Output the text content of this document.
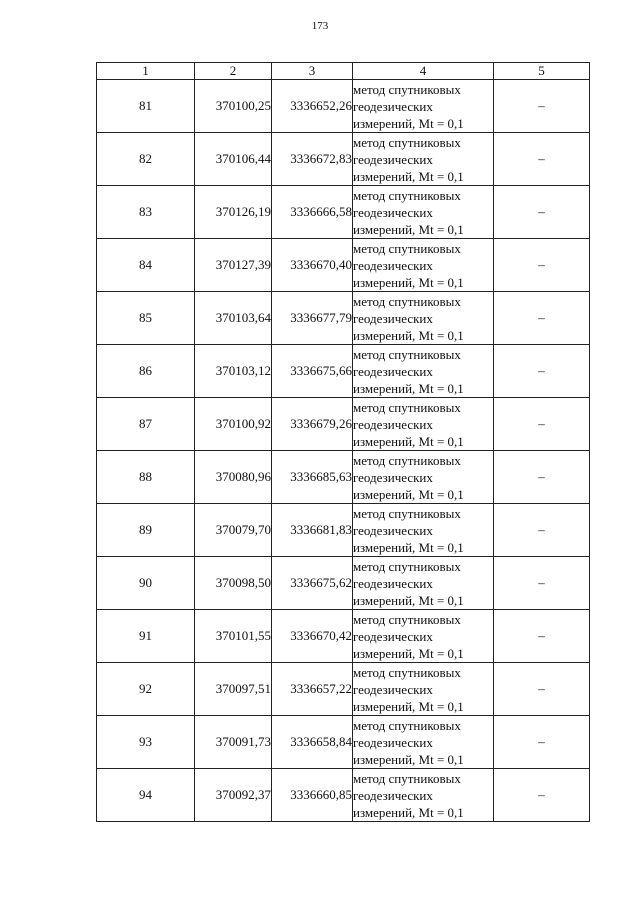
173
1	2	3	4	5
81	370100,25	3336652,26	метод спутниковых
геодезических
измерений, Mt = 0,1	–
82	370106,44	3336672,83	метод спутниковых
геодезических
измерений, Mt = 0,1	–
83	370126,19	3336666,58	метод спутниковых
геодезических
измерений, Mt = 0,1	–
84	370127,39	3336670,40	метод спутниковых
геодезических
измерений, Mt = 0,1	–
85	370103,64	3336677,79	метод спутниковых
геодезических
измерений, Mt = 0,1	–
86	370103,12	3336675,66	метод спутниковых
геодезических
измерений, Mt = 0,1	–
87	370100,92	3336679,26	метод спутниковых
геодезических
измерений, Mt = 0,1	–
88	370080,96	3336685,63	метод спутниковых
геодезических
измерений, Mt = 0,1	–
89	370079,70	3336681,83	метод спутниковых
геодезических
измерений, Mt = 0,1	–
90	370098,50	3336675,62	метод спутниковых
геодезических
измерений, Mt = 0,1	–
91	370101,55	3336670,42	метод спутниковых
геодезических
измерений, Mt = 0,1	–
92	370097,51	3336657,22	метод спутниковых
геодезических
измерений, Mt = 0,1	–
93	370091,73	3336658,84	метод спутниковых
геодезических
измерений, Mt = 0,1	–
94	370092,37	3336660,85	метод спутниковых
геодезических
измерений, Mt = 0,1	–
